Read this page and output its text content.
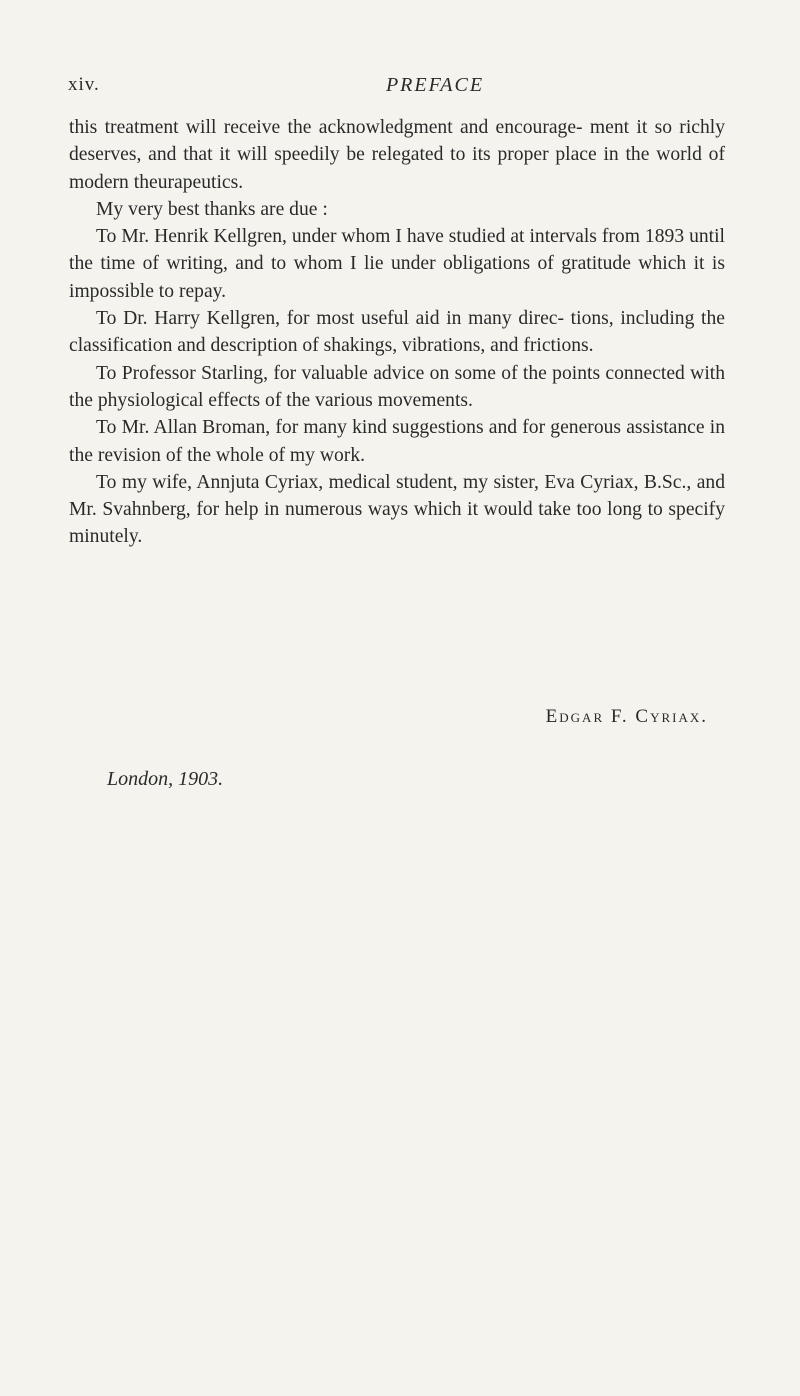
xiv.	PREFACE

this treatment will receive the acknowledgment and encourage- ment it so richly deserves, and that it will speedily be relegated to its proper place in the world of modern theurapeutics.

My very best thanks are due :

To Mr. Henrik Kellgren, under whom I have studied at intervals from 1893 until the time of writing, and to whom I lie under obligations of gratitude which it is impossible to repay.

To Dr. Harry Kellgren, for most useful aid in many direc- tions, including the classification and description of shakings, vibrations, and frictions.

To Professor Starling, for valuable advice on some of the points connected with the physiological effects of the various movements.

To Mr. Allan Broman, for many kind suggestions and for generous assistance in the revision of the whole of my work.

To my wife, Annjuta Cyriax, medical student, my sister, Eva Cyriax, B.Sc., and Mr. Svahnberg, for help in numerous ways which it would take too long to specify minutely.

Edgar F. Cyriax.
London, 1903.
